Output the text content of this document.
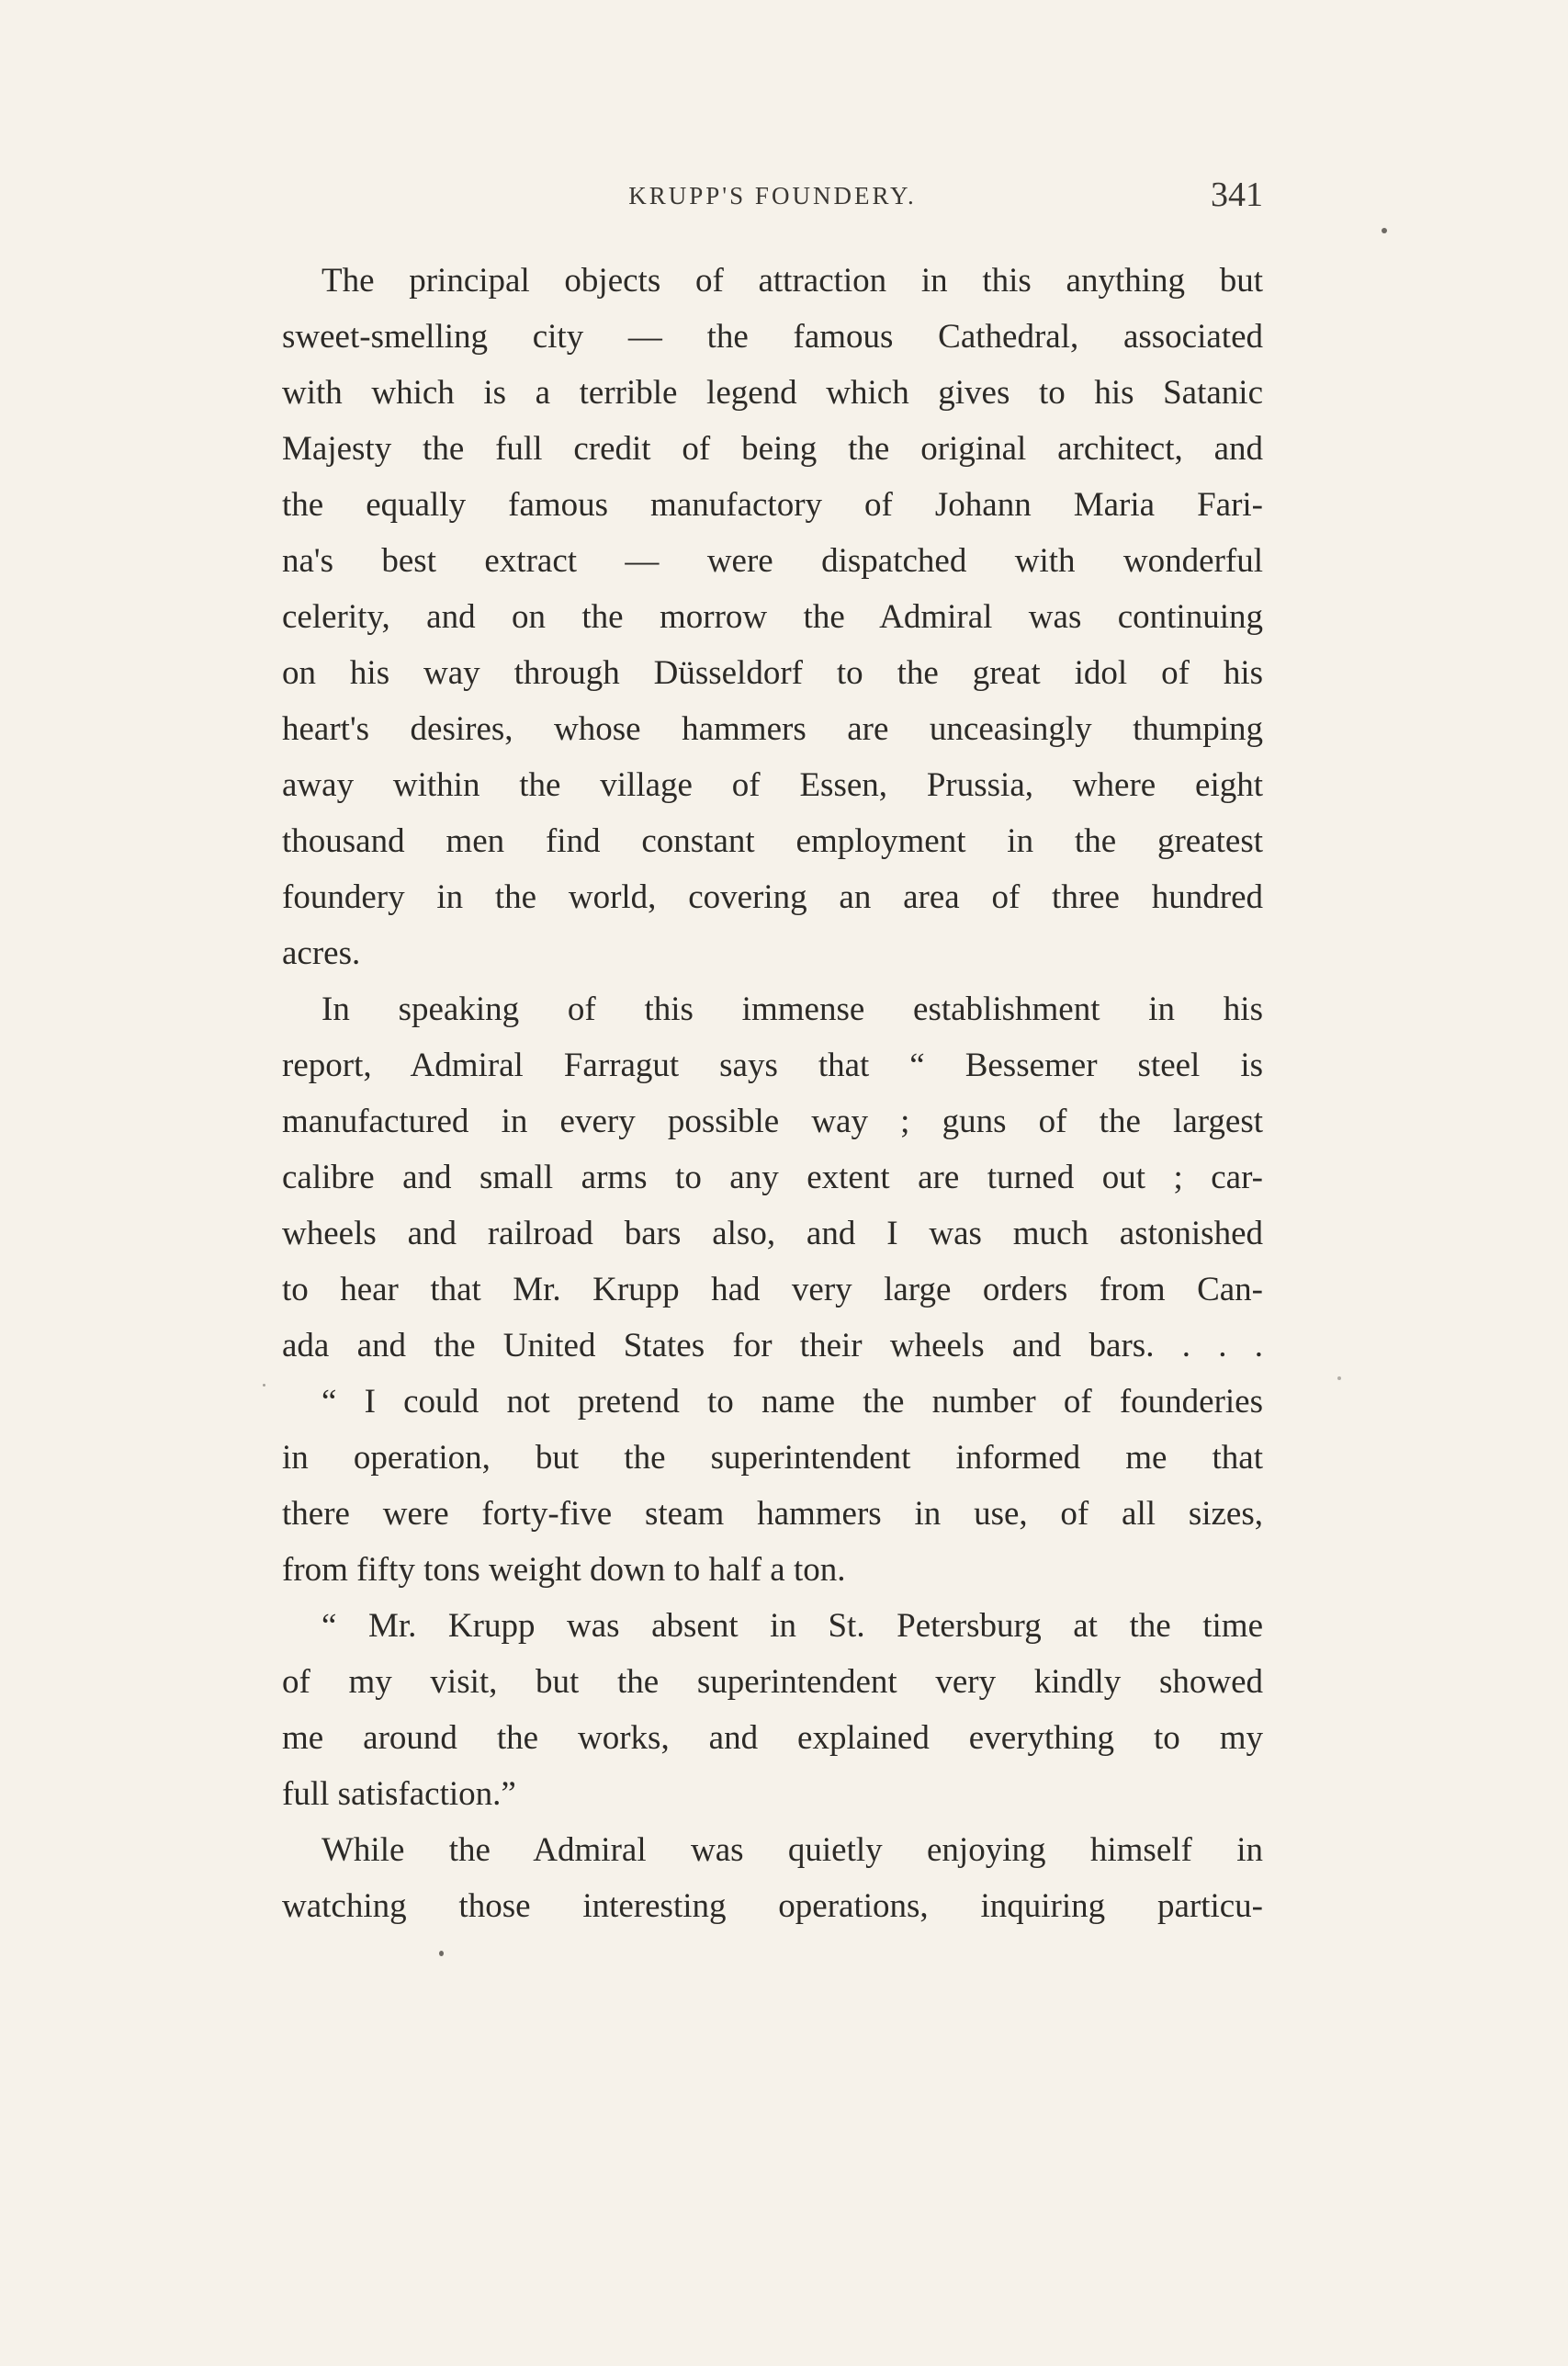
KRUPP'S FOUNDERY.	341
The principal objects of attraction in this anything but
sweet-smelling city — the famous Cathedral, associated
with which is a terrible legend which gives to his Satanic
Majesty the full credit of being the original architect, and
the equally famous manufactory of Johann Maria Fari-
na's best extract — were dispatched with wonderful
celerity, and on the morrow the Admiral was continuing
on his way through Düsseldorf to the great idol of his
heart's desires, whose hammers are unceasingly thumping
away within the village of Essen, Prussia, where eight
thousand men find constant employment in the greatest
foundery in the world, covering an area of three hundred
acres.
In speaking of this immense establishment in his
report, Admiral Farragut says that “ Bessemer steel is
manufactured in every possible way ; guns of the largest
calibre and small arms to any extent are turned out ; car-
wheels and railroad bars also, and I was much astonished
to hear that Mr. Krupp had very large orders from Can-
ada and the United States for their wheels and bars. . . .
“ I could not pretend to name the number of founderies
in operation, but the superintendent informed me that
there were forty-five steam hammers in use, of all sizes,
from fifty tons weight down to half a ton.
“ Mr. Krupp was absent in St. Petersburg at the time
of my visit, but the superintendent very kindly showed
me around the works, and explained everything to my
full satisfaction.”
While the Admiral was quietly enjoying himself in
watching those interesting operations, inquiring particu-
